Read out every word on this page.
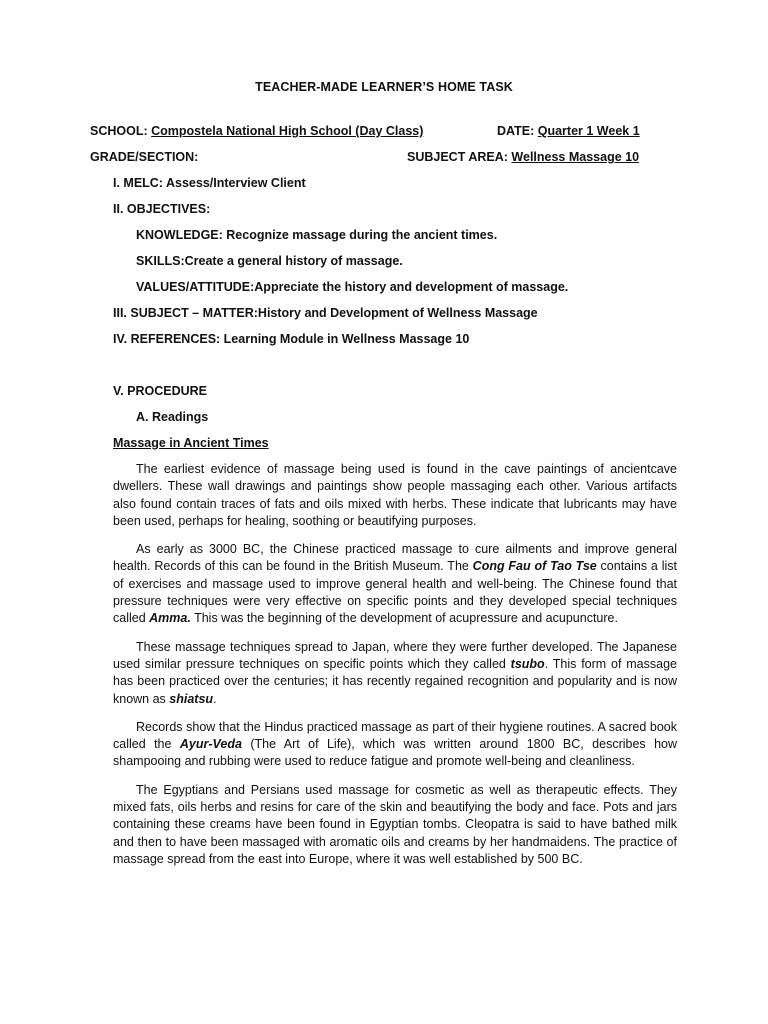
TEACHER-MADE LEARNER’S HOME TASK
SCHOOL: Compostela National High School (Day Class)	DATE: Quarter 1 Week 1
GRADE/SECTION:	SUBJECT AREA: Wellness Massage 10
I. MELC: Assess/Interview Client
II. OBJECTIVES:
KNOWLEDGE: Recognize massage during the ancient times.
SKILLS:Create a general history of massage.
VALUES/ATTITUDE:Appreciate the history and development of massage.
III. SUBJECT – MATTER:History and Development of Wellness Massage
IV. REFERENCES: Learning Module in Wellness Massage 10
V. PROCEDURE
A. Readings
Massage in Ancient Times

The earliest evidence of massage being used is found in the cave paintings of ancientcave dwellers. These wall drawings and paintings show people massaging each other. Various artifacts also found contain traces of fats and oils mixed with herbs. These indicate that lubricants may have been used, perhaps for healing, soothing or beautifying purposes.

As early as 3000 BC, the Chinese practiced massage to cure ailments and improve general health. Records of this can be found in the British Museum. The Cong Fau of Tao Tse contains a list of exercises and massage used to improve general health and well-being. The Chinese found that pressure techniques were very effective on specific points and they developed special techniques called Amma. This was the beginning of the development of acupressure and acupuncture.

These massage techniques spread to Japan, where they were further developed. The Japanese used similar pressure techniques on specific points which they called tsubo. This form of massage has been practiced over the centuries; it has recently regained recognition and popularity and is now known as shiatsu.

Records show that the Hindus practiced massage as part of their hygiene routines. A sacred book called the Ayur-Veda (The Art of Life), which was written around 1800 BC, describes how shampooing and rubbing were used to reduce fatigue and promote well-being and cleanliness.

The Egyptians and Persians used massage for cosmetic as well as therapeutic effects. They mixed fats, oils herbs and resins for care of the skin and beautifying the body and face. Pots and jars containing these creams have been found in Egyptian tombs. Cleopatra is said to have bathed milk and then to have been massaged with aromatic oils and creams by her handmaidens. The practice of massage spread from the east into Europe, where it was well established by 500 BC.
